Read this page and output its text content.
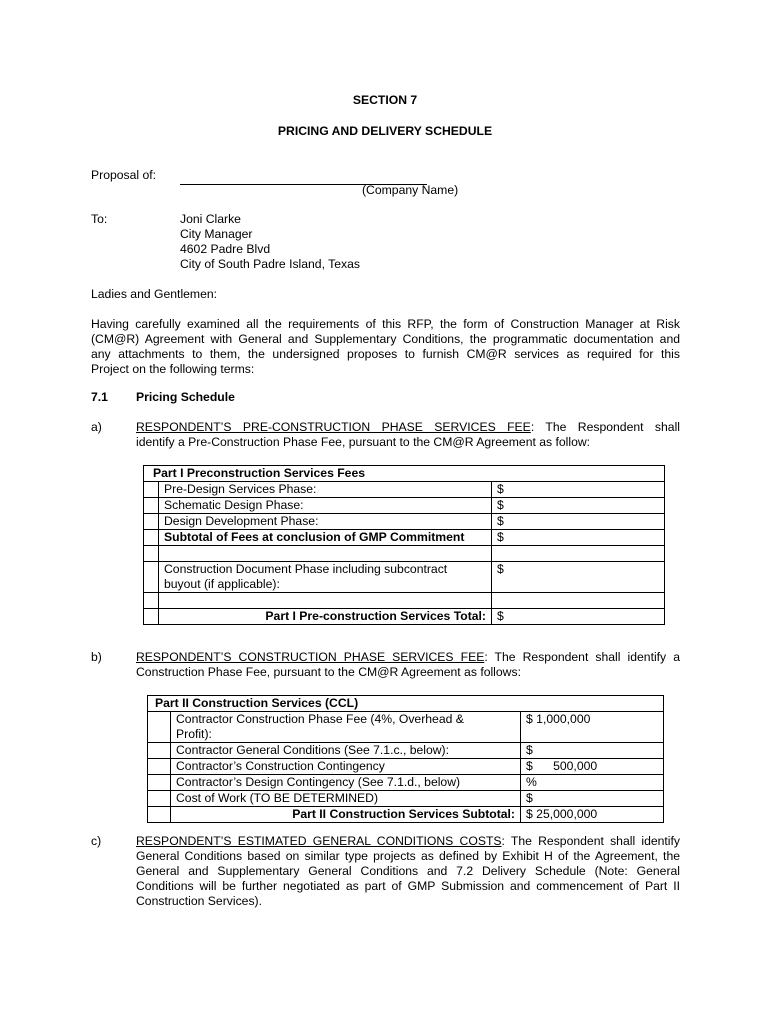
SECTION 7
PRICING AND DELIVERY SCHEDULE
Proposal of:
(Company Name)
To:	Joni Clarke
City Manager
4602 Padre Blvd
City of South Padre Island, Texas
Ladies and Gentlemen:
Having carefully examined all the requirements of this RFP, the form of Construction Manager at Risk
(CM@R) Agreement with General and Supplementary Conditions, the programmatic documentation and
any attachments to them, the undersigned proposes to furnish CM@R services as required for this
Project on the following terms:
7.1 Pricing Schedule
a)	RESPONDENT’S PRE-CONSTRUCTION PHASE SERVICES FEE: The Respondent shall
identify a Pre-Construction Phase Fee, pursuant to the CM@R Agreement as follow:
Part I Preconstruction Services Fees		
	Pre-Design Services Phase:	$
	Schematic Design Phase:	$
	Design Development Phase:	$
	Subtotal of Fees at conclusion of GMP Commitment	$

	Construction Document Phase including subcontract buyout (if applicable):	$

	Part I Pre-construction Services Total:	$
b)	RESPONDENT’S CONSTRUCTION PHASE SERVICES FEE: The Respondent shall identify a
Construction Phase Fee, pursuant to the CM@R Agreement as follows:
Part II Construction Services (CCL)		
	Contractor Construction Phase Fee (4%, Overhead & Profit):	$ 1,000,000
	Contractor General Conditions (See 7.1.c., below):	$
	Contractor’s Construction Contingency	$      500,000
	Contractor’s Design Contingency (See 7.1.d., below)	%
	Cost of Work (TO BE DETERMINED)	$
	Part II Construction Services Subtotal:	$ 25,000,000
c)	RESPONDENT’S ESTIMATED GENERAL CONDITIONS COSTS: The Respondent shall identify
General Conditions based on similar type projects as defined by Exhibit H of the Agreement, the
General and Supplementary General Conditions and 7.2 Delivery Schedule (Note: General
Conditions will be further negotiated as part of GMP Submission and commencement of Part II
Construction Services).
